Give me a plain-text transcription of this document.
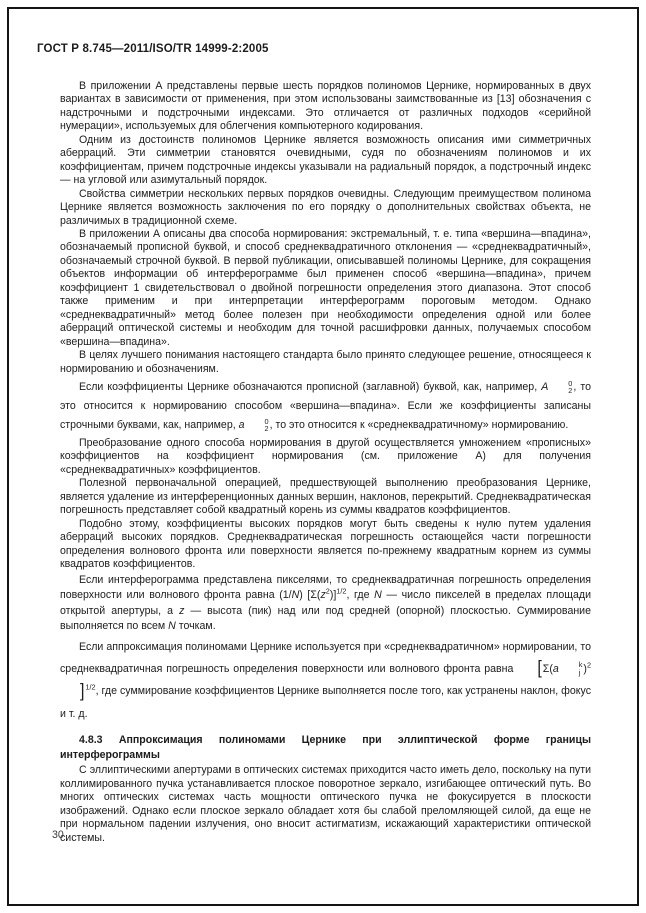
ГОСТ Р 8.745—2011/ISO/TR 14999-2:2005

В приложении А представлены первые шесть порядков полиномов Цернике, нормированных в двух вариантах в зависимости от применения, при этом использованы заимствованные из [13] обозначения с надстрочными и подстрочными индексами. Это отличается от различных подходов «серийной нумерации», используемых для облегчения компьютерного кодирования.

Одним из достоинств полиномов Цернике является возможность описания ими симметричных аберраций. Эти симметрии становятся очевидными, судя по обозначениям полиномов и их коэффициентам, причем подстрочные индексы указывали на радиальный порядок, а подстрочный индекс — на угловой или азимутальный порядок.

Свойства симметрии нескольких первых порядков очевидны. Следующим преимуществом полинома Цернике является возможность заключения по его порядку о дополнительных свойствах объекта, не различимых в традиционной схеме.

В приложении А описаны два способа нормирования: экстремальный, т. е. типа «вершина—впадина», обозначаемый прописной буквой, и способ среднеквадратичного отклонения — «среднеквадратичный», обозначаемый строчной буквой. В первой публикации, описывавшей полиномы Цернике, для сокращения объектов информации об интерферограмме был применен способ «вершина—впадина», причем коэффициент 1 свидетельствовал о двойной погрешности определения этого диапазона. Этот способ также применим и при интерпретации интерферограмм пороговым методом. Однако «среднеквадратичный» метод более полезен при необходимости определения одной или более аберраций оптической системы и необходим для точной расшифровки данных, получаемых способом «вершина—впадина».

В целях лучшего понимания настоящего стандарта было принято следующее решение, относящееся к нормированию и обозначениям.

Если коэффициенты Цернике обозначаются прописной (заглавной) буквой, как, например, A	0
2 , то это относится к нормированию способом «вершина—впадина». Если же коэффициенты записаны строчными буквами, как, например, a	0
2 , то это относится к «среднеквадратичному» нормированию.

Преобразование одного способа нормирования в другой осуществляется умножением «прописных» коэффициентов на коэффициент нормирования (см. приложение А) для получения «среднеквадратичных» коэффициентов.

Полезной первоначальной операцией, предшествующей выполнению преобразования Цернике, является удаление из интерференционных данных вершин, наклонов, перекрытий. Среднеквадратическая погрешность представляет собой квадратный корень из суммы квадратов коэффициентов.

Подобно этому, коэффициенты высоких порядков могут быть сведены к нулю путем удаления аберраций высоких порядков. Среднеквадратическая погрешность остающейся части погрешности определения волнового фронта или поверхности является по-прежнему квадратным корнем из суммы квадратов коэффициентов.

Если интерферограмма представлена пикселями, то среднеквадратичная погрешность определения поверхности или волнового фронта равна (1/N) $[\Sigma(z^2)]^{1/2}$, где N — число пикселей в пределах площади открытой апертуры, а z — высота (пик) над или под средней (опорной) плоскостью. Суммирование выполняется по всем N точкам.

Если аппроксимация полиномами Цернике используется при «среднеквадратичном» нормировании, то среднеквадратичная погрешность определения поверхности или волнового фронта равна [Σ(a	k
j )$^2$]$^{1/2}$, где суммирование коэффициентов Цернике выполняется после того, как устранены наклон, фокус и т. д.

4.8.3 Аппроксимация полиномами Цернике при эллиптической форме границы интерферограммы

С эллиптическими апертурами в оптических системах приходится часто иметь дело, поскольку на пути коллимированного пучка устанавливается плоское поворотное зеркало, изгибающее оптический путь. Во многих оптических системах часть мощности оптического пучка не фокусируется в плоскости изображений. Однако если плоское зеркало обладает хотя бы слабой преломляющей силой, да еще не при нормальном падении излучения, оно вносит астигматизм, искажающий характеристики оптической системы.

30
